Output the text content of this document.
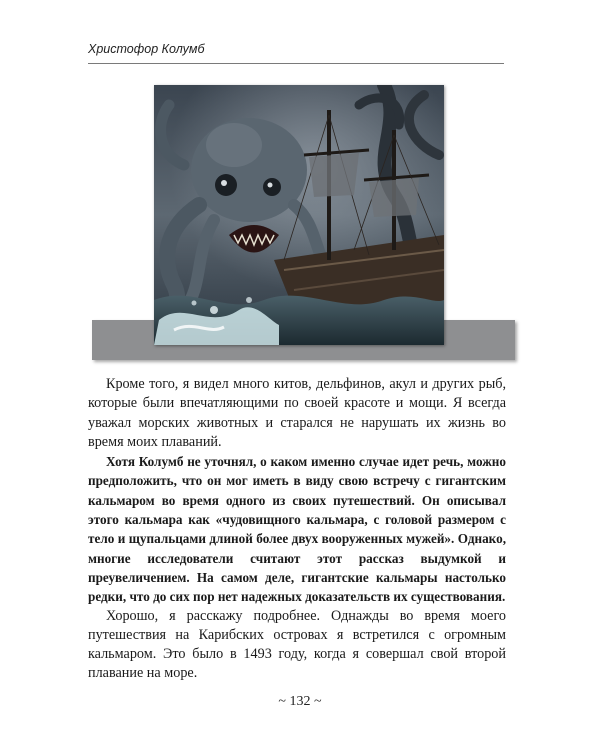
Христофор Колумб

Кроме того, я видел много китов, дельфинов, акул и других рыб, которые были впечатляющими по своей красоте и мощи. Я всегда уважал морских животных и старался не нарушать их жизнь во время моих плаваний.

Хотя Колумб не уточнял, о каком именно случае идет речь, можно предположить, что он мог иметь в виду свою встречу с гигантским кальмаром во время одного из своих путешествий. Он описывал этого кальмара как «чудовищного кальмара, с головой размером с тело и щупальцами длиной более двух вооруженных мужей». Однако, многие исследователи считают этот рассказ выдумкой и преувеличением. На самом деле, гигантские кальмары настолько редки, что до сих пор нет надежных доказательств их существования.

Хорошо, я расскажу подробнее. Однажды во время моего путешествия на Карибских островах я встретился с огромным кальмаром. Это было в 1493 году, когда я совершал свой второй плавание на море.

~ 132 ~
